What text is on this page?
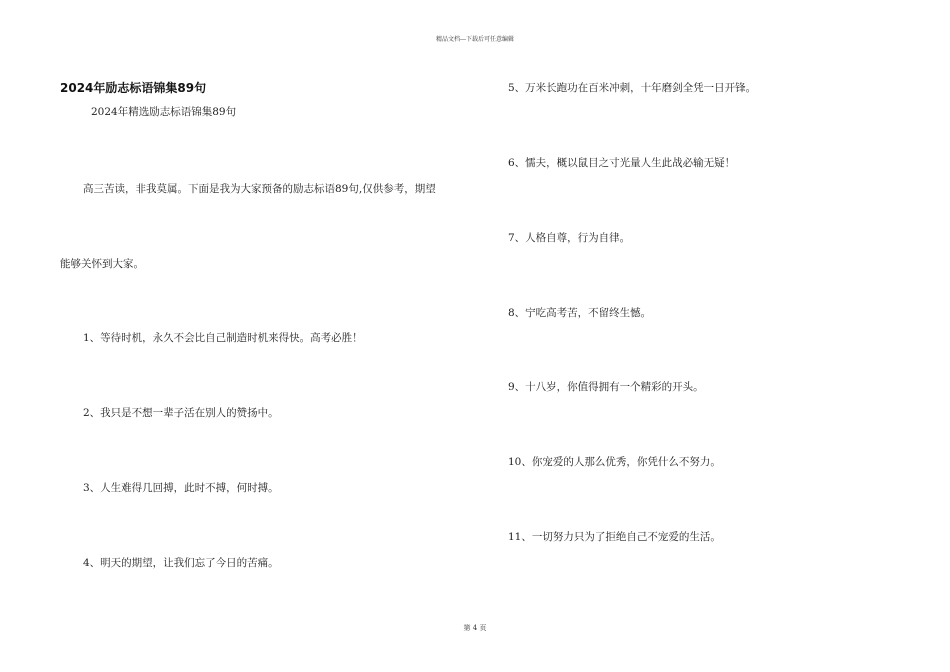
精品文档---下载后可任意编辑
2024年励志标语锦集89句
2024年精选励志标语锦集89句
高三苦读，非我莫属。下面是我为大家预备的励志标语89句,仅供参考，期望
能够关怀到大家。
1、等待时机，永久不会比自己制造时机来得快。高考必胜！
2、我只是不想一辈子活在别人的赞扬中。
3、人生难得几回搏，此时不搏，何时搏。
4、明天的期望，让我们忘了今日的苦痛。
5、万米长跑功在百米冲刺，十年磨剑全凭一日开锋。
6、懦夫，概以鼠目之寸光量人生此战必输无疑！
7、人格自尊，行为自律。
8、宁吃高考苦，不留终生憾。
9、十八岁，你值得拥有一个精彩的开头。
10、你宠爱的人那么优秀，你凭什么不努力。
11、一切努力只为了拒绝自己不宠爱的生活。
第 4 页
